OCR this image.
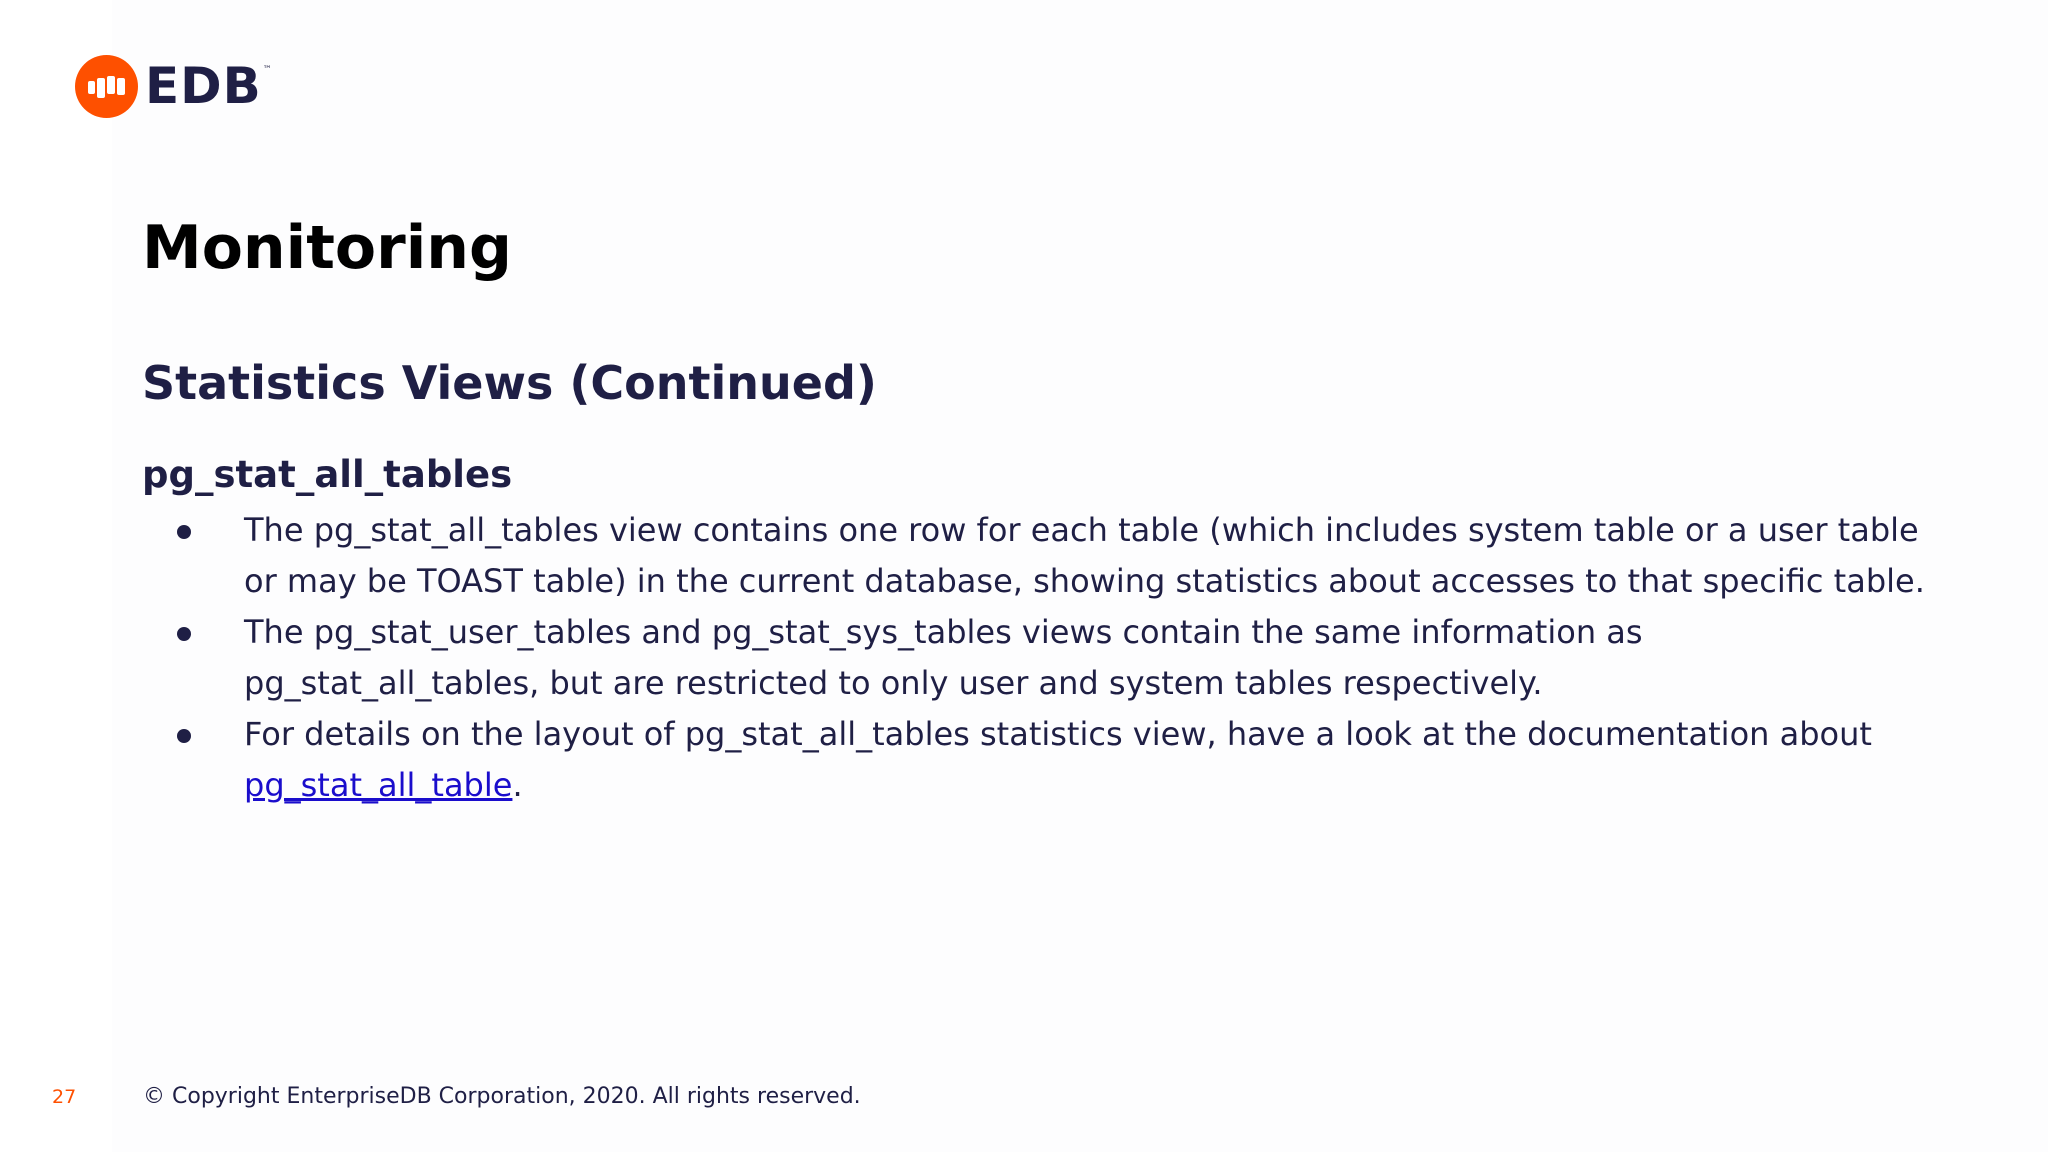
EDB ™
Monitoring
Statistics Views (Continued)
pg_stat_all_tables
The pg_stat_all_tables view contains one row for each table (which includes system table or a user table or may be TOAST table) in the current database, showing statistics about accesses to that specific table.
The pg_stat_user_tables and pg_stat_sys_tables views contain the same information as pg_stat_all_tables, but are restricted to only user and system tables respectively.
For details on the layout of pg_stat_all_tables statistics view, have a look at the documentation about pg_stat_all_table.
27	© Copyright EnterpriseDB Corporation, 2020. All rights reserved.
